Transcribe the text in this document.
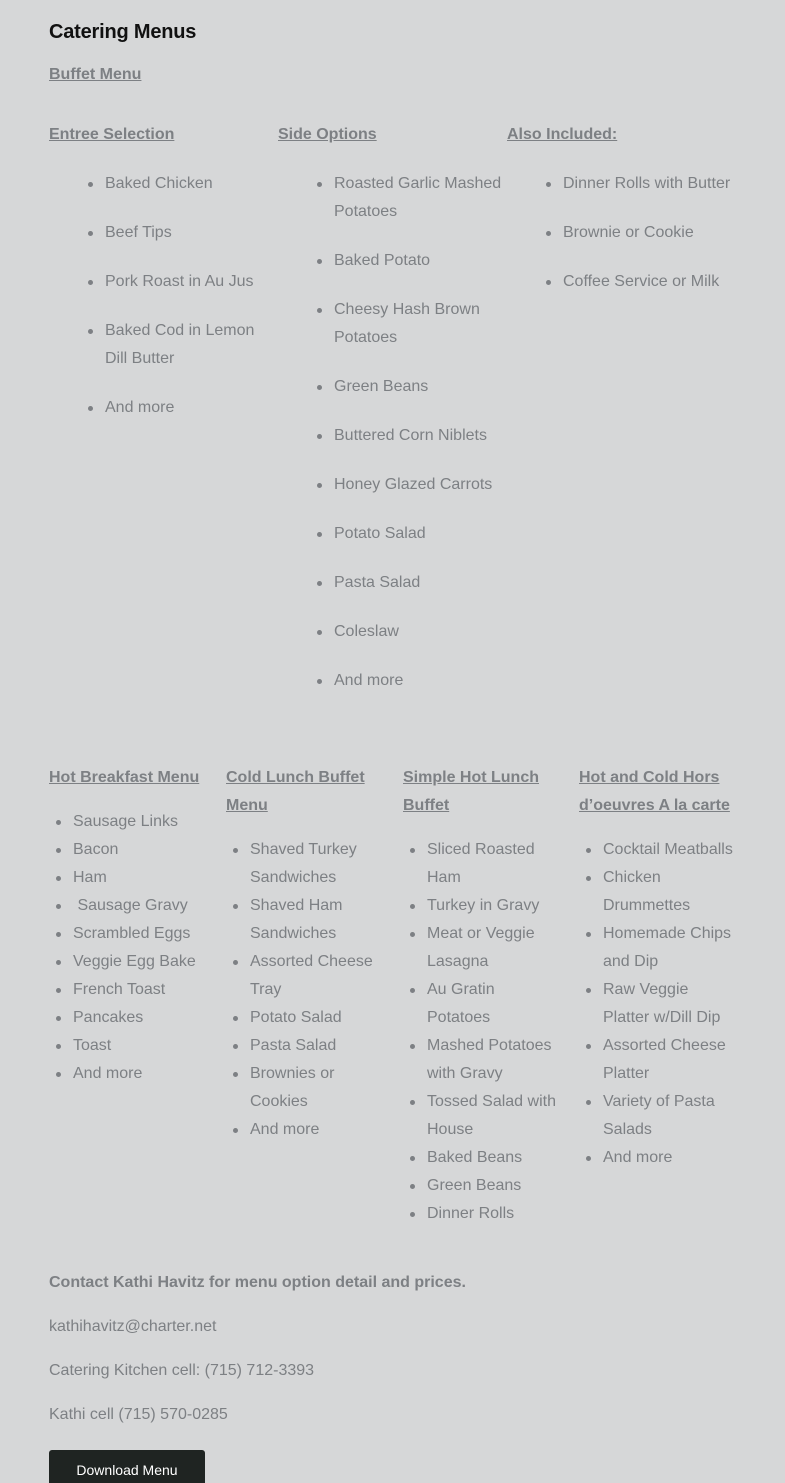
Catering Menus
Buffet Menu
Entree Selection
Baked Chicken
Beef Tips
Pork Roast in Au Jus
Baked Cod in Lemon Dill Butter
And more
Side Options
Roasted Garlic Mashed Potatoes
Baked Potato
Cheesy Hash Brown Potatoes
Green Beans
Buttered Corn Niblets
Honey Glazed Carrots
Potato Salad
Pasta Salad
Coleslaw
And more
Also Included:
Dinner Rolls with Butter
Brownie or Cookie
Coffee Service or Milk
Hot Breakfast Menu
Sausage Links
Bacon
Ham
Sausage Gravy
Scrambled Eggs
Veggie Egg Bake
French Toast
Pancakes
Toast
And more
Cold Lunch Buffet Menu
Shaved Turkey Sandwiches
Shaved Ham Sandwiches
Assorted Cheese Tray
Potato Salad
Pasta Salad
Brownies or Cookies
And more
Simple Hot Lunch Buffet
Sliced Roasted Ham
Turkey in Gravy
Meat or Veggie Lasagna
Au Gratin Potatoes
Mashed Potatoes with Gravy
Tossed Salad with House
Baked Beans
Green Beans
Dinner Rolls
Hot and Cold Hors d’oeuvres A la carte
Cocktail Meatballs
Chicken Drummettes
Homemade Chips and Dip
Raw Veggie Platter w/Dill Dip
Assorted Cheese Platter
Variety of Pasta Salads
And more
Contact Kathi Havitz for menu option detail and prices.
kathihavitz@charter.net
Catering Kitchen cell: (715) 712-3393
Kathi cell (715) 570-0285
Download Menu
